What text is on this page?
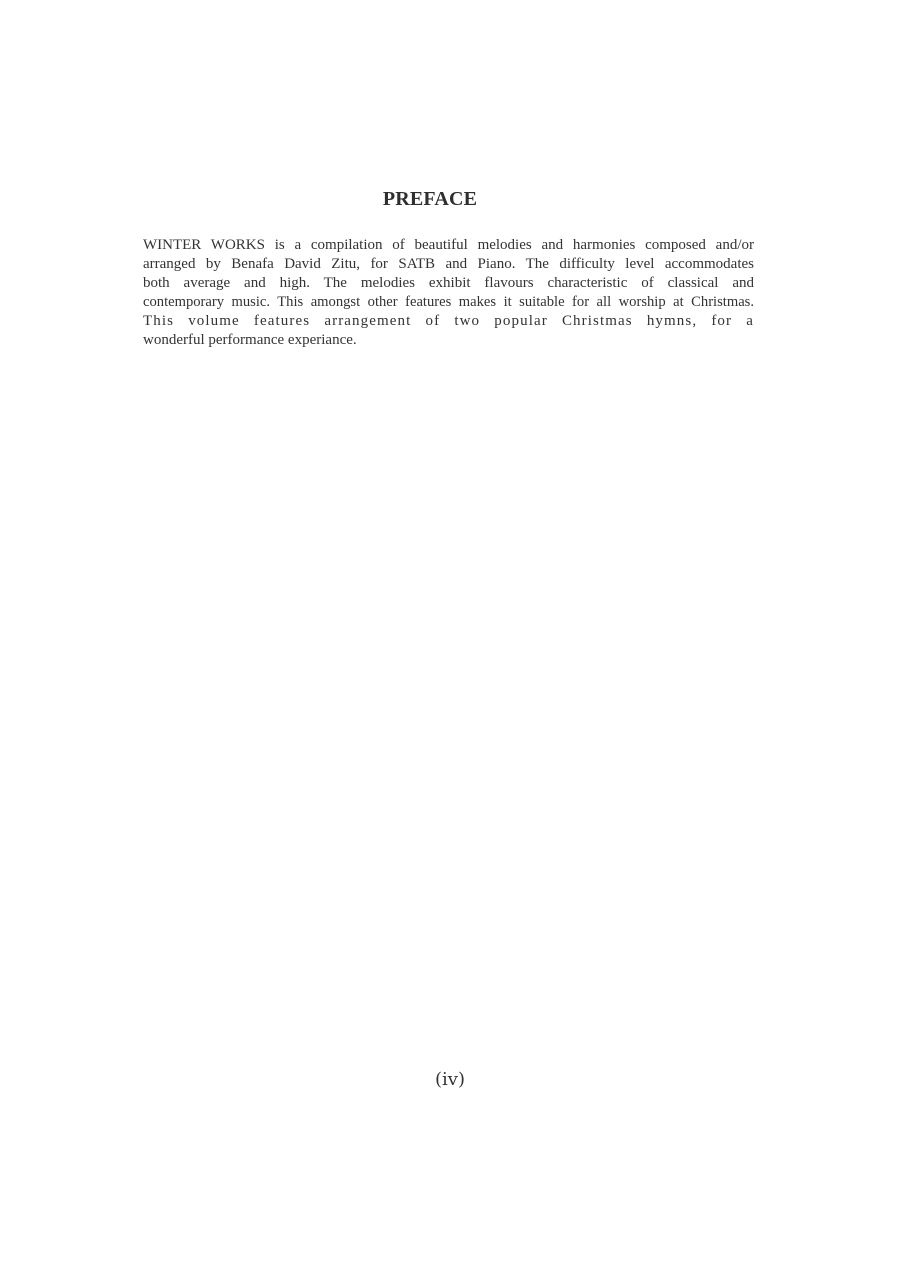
PREFACE
WINTER WORKS is a compilation of beautiful melodies and harmonies composed and/or
arranged by Benafa David Zitu, for SATB and Piano. The difficulty level accommodates
both average and high. The melodies exhibit flavours characteristic of classical and
contemporary music. This amongst other features makes it suitable for all worship at Christmas.
This volume features arrangement of two popular Christmas hymns, for a
wonderful performance experiance.
(iv)
